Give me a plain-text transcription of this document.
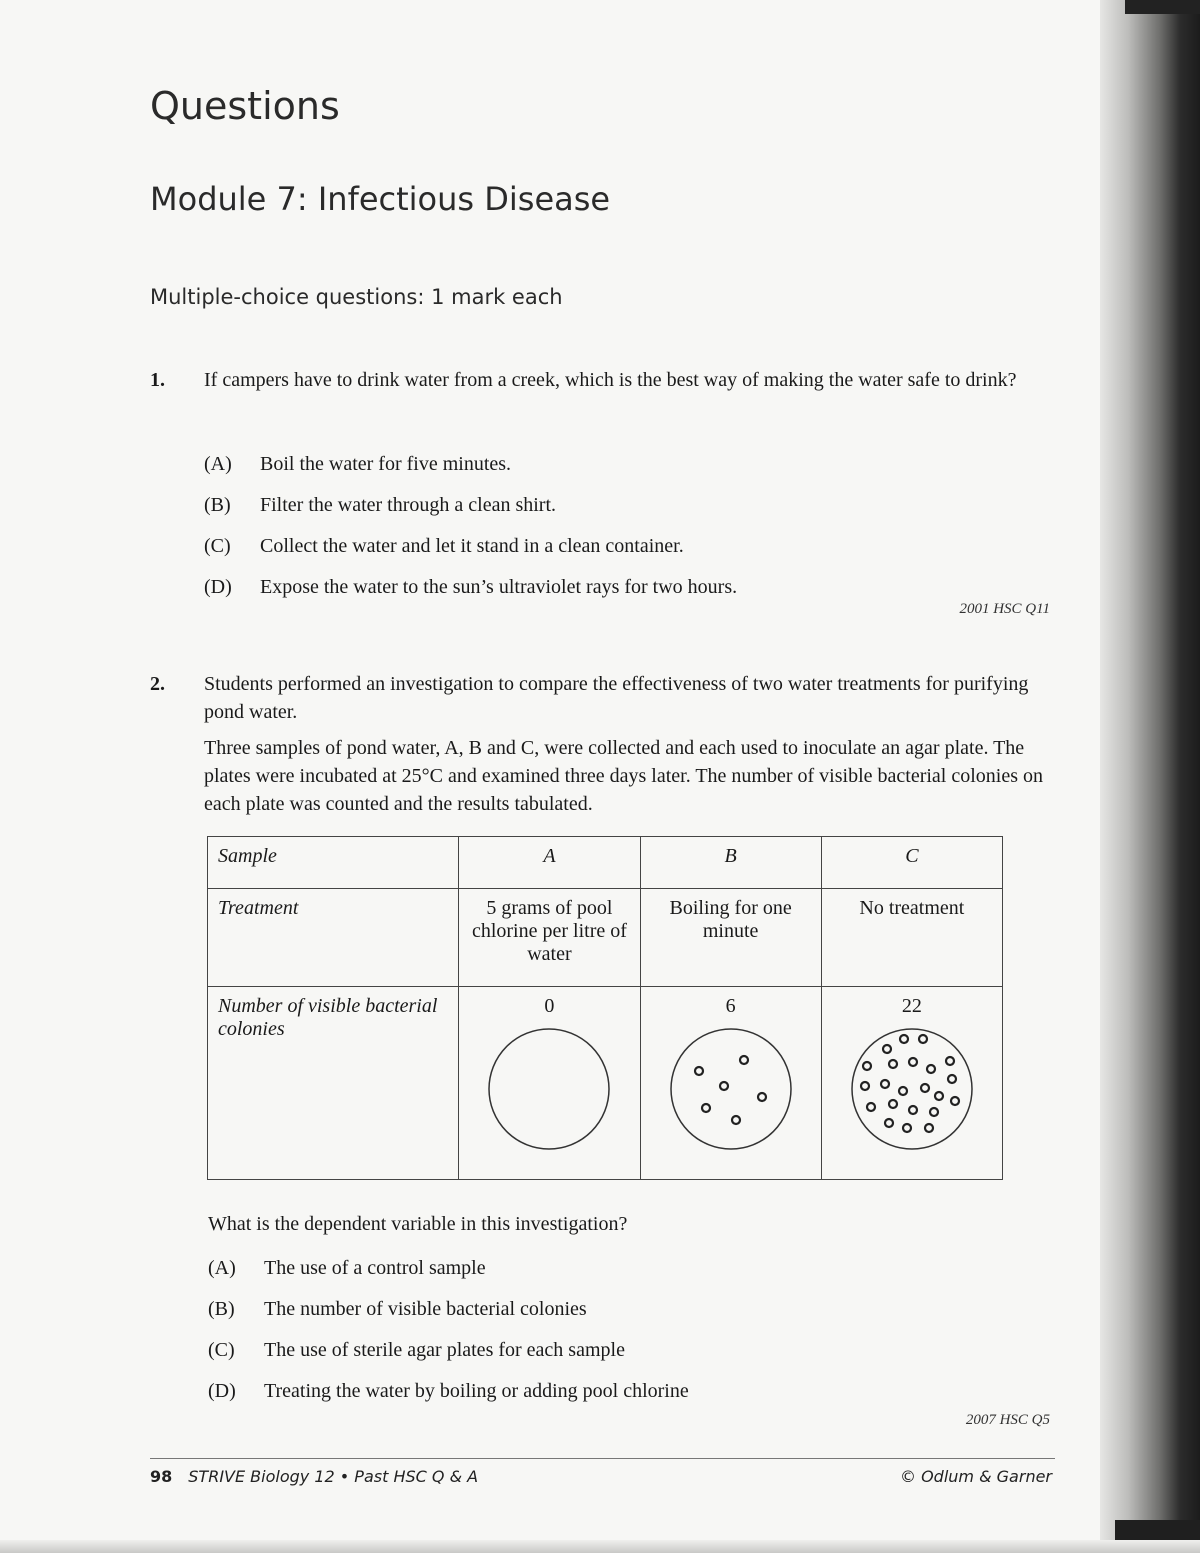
Questions
Module 7: Infectious Disease
Multiple-choice questions: 1 mark each
1. If campers have to drink water from a creek, which is the best way of making the water safe to drink?
(A) Boil the water for five minutes.
(B) Filter the water through a clean shirt.
(C) Collect the water and let it stand in a clean container.
(D) Expose the water to the sun’s ultraviolet rays for two hours.
2001 HSC Q11
2. Students performed an investigation to compare the effectiveness of two water treatments for purifying pond water.
Three samples of pond water, A, B and C, were collected and each used to inoculate an agar plate. The plates were incubated at 25°C and examined three days later. The number of visible bacterial colonies on each plate was counted and the results tabulated.
Sample	A	B	C
Treatment	5 grams of pool chlorine per litre of water	Boiling for one minute	No treatment
Number of visible bacterial colonies	0	6	22
What is the dependent variable in this investigation?
(A) The use of a control sample
(B) The number of visible bacterial colonies
(C) The use of sterile agar plates for each sample
(D) Treating the water by boiling or adding pool chlorine
2007 HSC Q5
98 STRIVE Biology 12 • Past HSC Q & A	© Odlum & Garner
